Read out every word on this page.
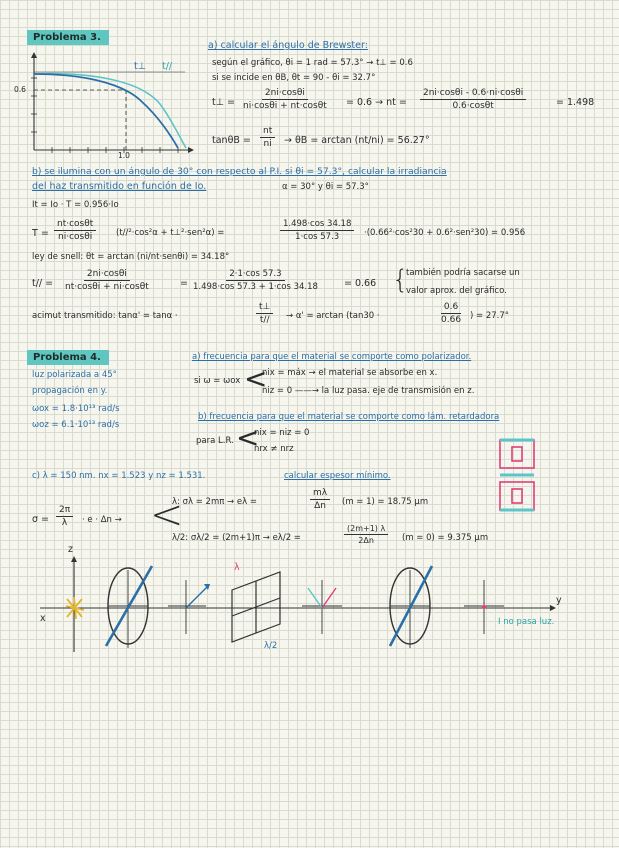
Problema 3.
t⊥ t//
0.6
1.0
a) calcular el ángulo de Brewster:
según el gráfico, θi = 1 rad = 57.3° → t⊥ = 0.6
si se incide en θB, θt = 90 - θi = 32.7°
t⊥ = $\frac{2ni\cdot\cos\theta i}{ni\cdot\cos\theta i + nt\cdot\cos\theta t} = 0.6$ → nt = $\frac{2ni\cdot\cos\theta i - 0.6\cdot ni\cdot\cos\theta i}{0.6\cdot\cos\theta t}$	= 1.498
$\tan\theta B = \frac{nt}{ni} \to \theta B = \arctan (nt/ni) = 56.27^\circ$
b) se ilumina con un ángulo de 30° con respecto al P.I. si θi = 57.3°, calcular la irradiancia
del haz transmitido en función de Io.	α = 30° y θi = 57.3°
It = Io · T = 0.956·Io
$T = \frac{nt\cdot\cos\theta t}{ni\cdot\cos\theta i} (t//^2\cdot\cos^2\alpha$ + t⊥²·sen²α) =	$\frac{1.498\cdot\cos 34.18}{1\cdot\cos 57.3} \cdot(0.66^2\cdot\cos^230 + 0.6^2\cdot sen^230) = 0.956$
ley de snell: θt = arctan (ni/nt·senθi) = 34.18°
$t// = \frac{2ni\cdot\cos\theta i}{nt\cdot\cos\theta i + ni\cdot\cos\theta t}$	= $\frac{2\cdot 1\cdot\cos 57.3}{1.498\cdot\cos 57.3 + 1\cdot\cos 34.18} = 0.66$ {
también podría sacarse un
valor aprox. del gráfico.
acimut transmitido: tanα' = tanα ·	$\frac{t\perp}{t//} \to \alpha' = \arctan (\tan 30$ ·	$\frac{0.6}{0.66}$ ) = 27.7°
Problema 4.
luz polarizada a 45°
propagación en y.
ωox = 1.8·10¹³ rad/s
ωoz = 6.1·10¹³ rad/s
a) frecuencia para que el material se comporte como polarizador.
si ω = ωox <
nix = máx → el material se absorbe en x.
niz = 0 ——→ la luz pasa. eje de transmisión en z.
b) frecuencia para que el material se comporte como lám. retardadora
para L.R. <
nix = niz = 0
nrx ≠ nrz
c) λ = 150 nm. nx = 1.523 y nz = 1.531.	calcular espesor mínimo.
$\sigma = \frac{2\pi}{\lambda} \cdot e \cdot \Delta n$ → <
λ: σλ = 2mπ → eλ =	$\frac{m\lambda}{\Delta n} (m = 1) = 18.75$ µm
λ/2: σλ/2 = (2m+1)π → eλ/2 =	$\frac{(2m+1) \lambda}{2\Delta n} (m = 0) = 9.375$ µm
z
x
y
λ
λ/2
I no pasa luz.
